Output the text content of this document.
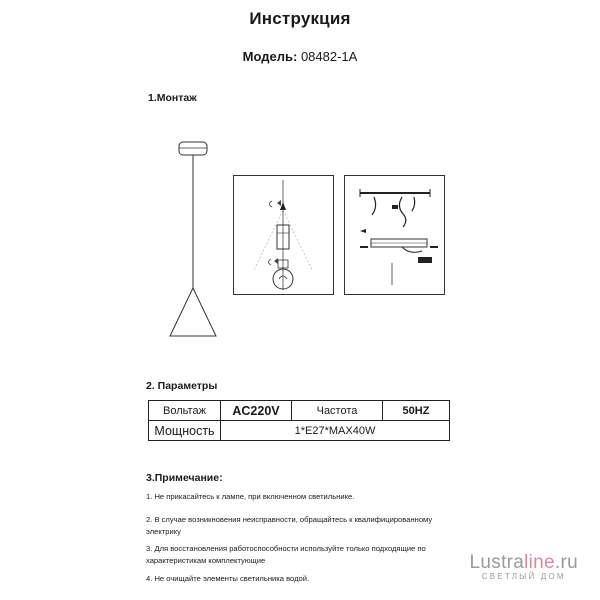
Инструкция
Модель: 08482-1A
1.Монтаж
2. Параметры
Вольтаж	AC220V	Частота	50HZ
Мощность	1*E27*MAX40W		
3.Примечание:
1. Не прикасайтесь к лампе, при включенном светильнике.
2. В случае возникновения неисправности, обращайтесь к квалифицированному
электрику
3. Для восстановления работоспособности используйте только подходящие по
характеристикам комплектующие
4. Не очищайте элементы светильника водой.
Lustraline.ru
СВЕТЛЫЙ ДОМ
